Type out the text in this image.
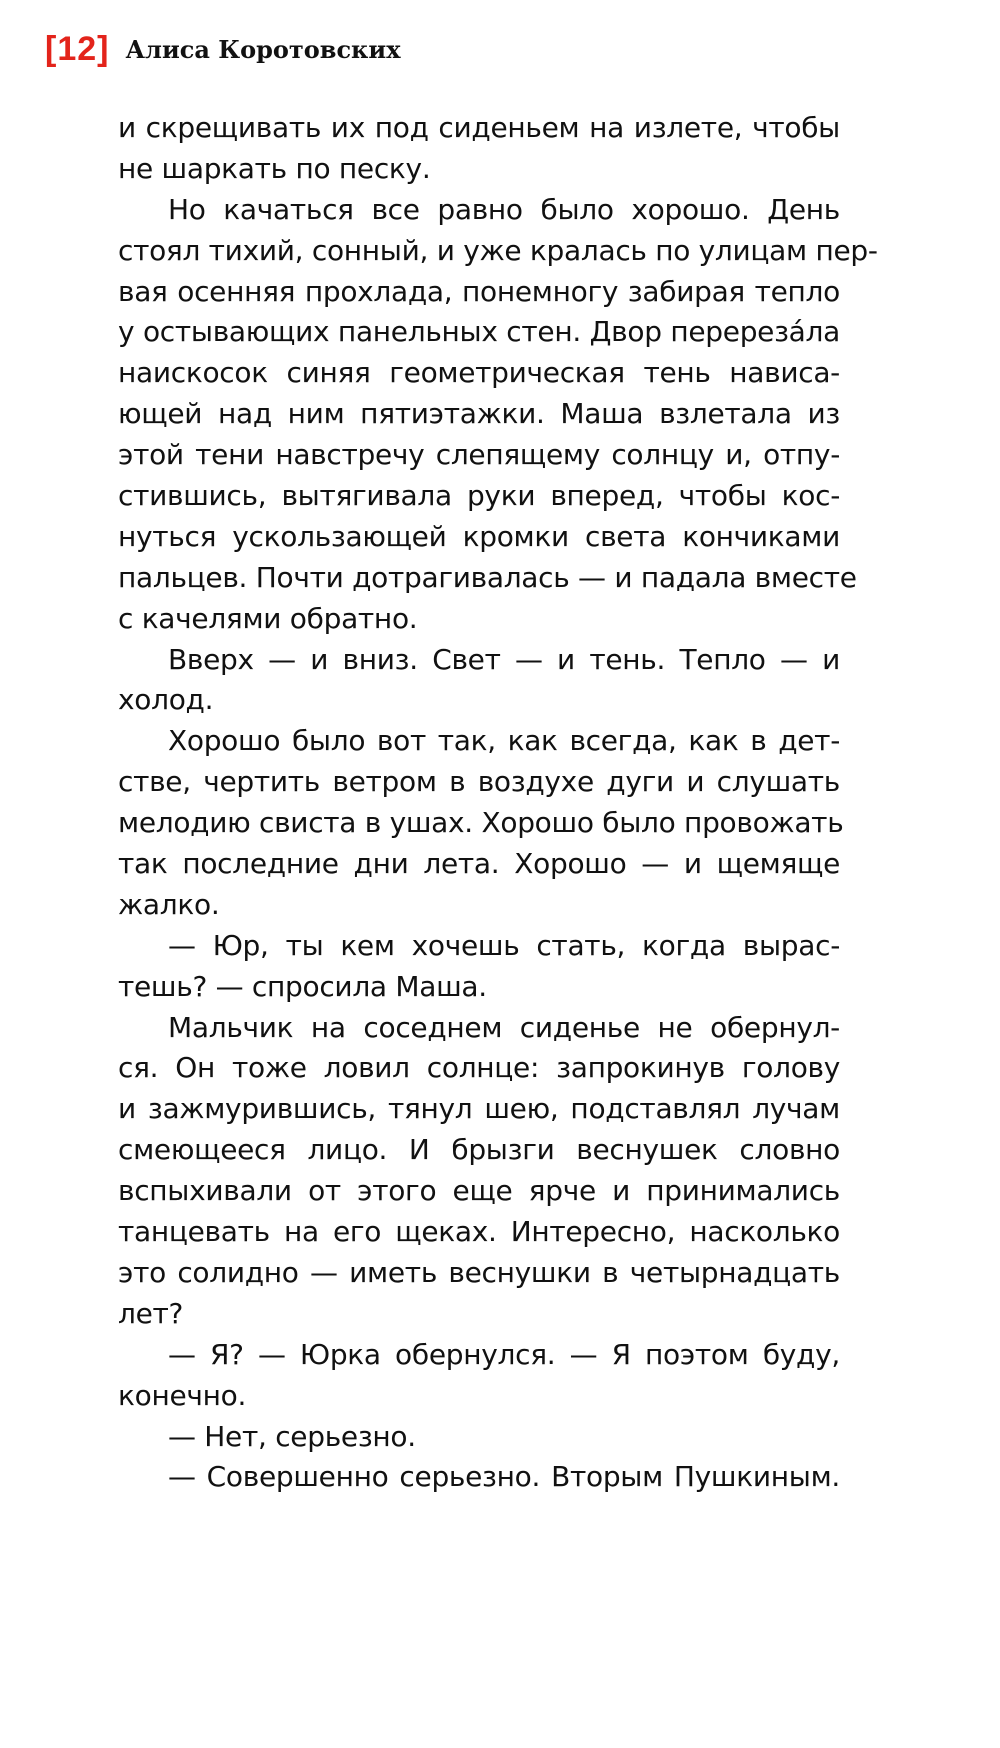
[12] Алиса Коротовских
и скрещивать их под сиденьем на излете, чтобы
не шаркать по песку.
Но качаться все равно было хорошо. День
стоял тихий, сонный, и уже кралась по улицам пер-
вая осенняя прохлада, понемногу забирая тепло
у остывающих панельных стен. Двор перереза́ла
наискосок синяя геометрическая тень нависа-
ющей над ним пятиэтажки. Маша взлетала из
этой тени навстречу слепящему солнцу и, отпу-
стившись, вытягивала руки вперед, чтобы кос-
нуться ускользающей кромки света кончиками
пальцев. Почти дотрагивалась — и падала вместе
с качелями обратно.
Вверх — и вниз. Свет — и тень. Тепло — и
холод.
Хорошо было вот так, как всегда, как в дет-
стве, чертить ветром в воздухе дуги и слушать
мелодию свиста в ушах. Хорошо было провожать
так последние дни лета. Хорошо — и щемяще
жалко.
— Юр, ты кем хочешь стать, когда вырас-
тешь? — спросила Маша.
Мальчик на соседнем сиденье не обернул-
ся. Он тоже ловил солнце: запрокинув голову
и зажмурившись, тянул шею, подставлял лучам
смеющееся лицо. И брызги веснушек словно
вспыхивали от этого еще ярче и принимались
танцевать на его щеках. Интересно, насколько
это солидно — иметь веснушки в четырнадцать
лет?
— Я? — Юрка обернулся. — Я поэтом буду,
конечно.
— Нет, серьезно.
— Совершенно серьезно. Вторым Пушкиным.
